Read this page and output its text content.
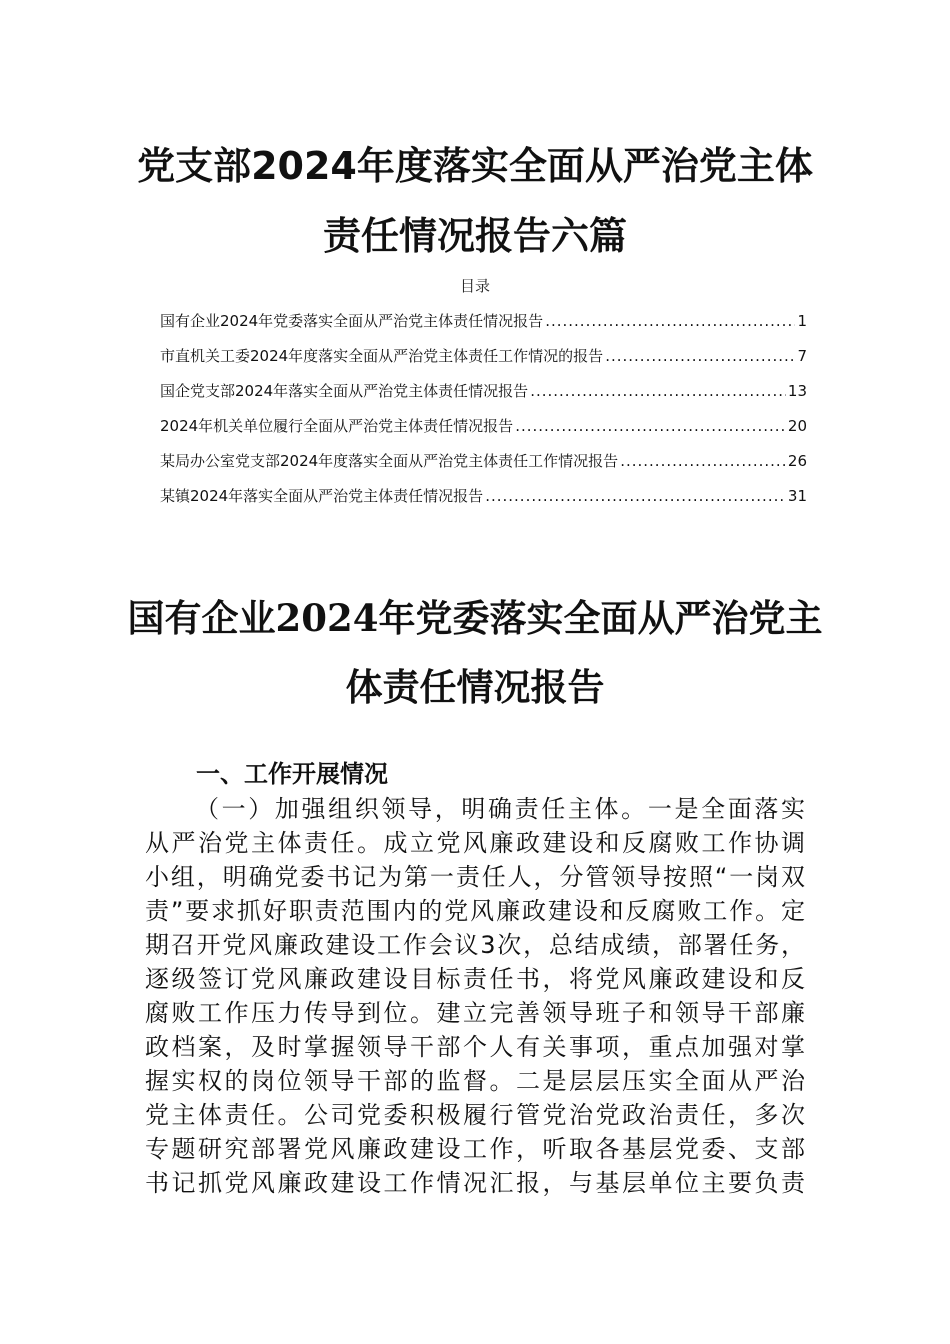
党支部2024年度落实全面从严治党主体
责任情况报告六篇
目录
国有企业2024年党委落实全面从严治党主体责任情况报告 .....	1
市直机关工委2024年度落实全面从严治党主体责任工作情况的报告 .....	7
国企党支部2024年落实全面从严治党主体责任情况报告 .....	13
2024年机关单位履行全面从严治党主体责任情况报告 .....	20
某局办公室党支部2024年度落实全面从严治党主体责任工作情况报告 .....	26
某镇2024年落实全面从严治党主体责任情况报告 .....	31
国有企业2024年党委落实全面从严治党主
体责任情况报告
一、工作开展情况
（一）加强组织领导，明确责任主体。一是全面落实
从严治党主体责任。成立党风廉政建设和反腐败工作协调
小组，明确党委书记为第一责任人，分管领导按照“一岗双
责”要求抓好职责范围内的党风廉政建设和反腐败工作。定
期召开党风廉政建设工作会议3次，总结成绩，部署任务，
逐级签订党风廉政建设目标责任书，将党风廉政建设和反
腐败工作压力传导到位。建立完善领导班子和领导干部廉
政档案，及时掌握领导干部个人有关事项，重点加强对掌
握实权的岗位领导干部的监督。二是层层压实全面从严治
党主体责任。公司党委积极履行管党治党政治责任，多次
专题研究部署党风廉政建设工作，听取各基层党委、支部
书记抓党风廉政建设工作情况汇报，与基层单位主要负责
